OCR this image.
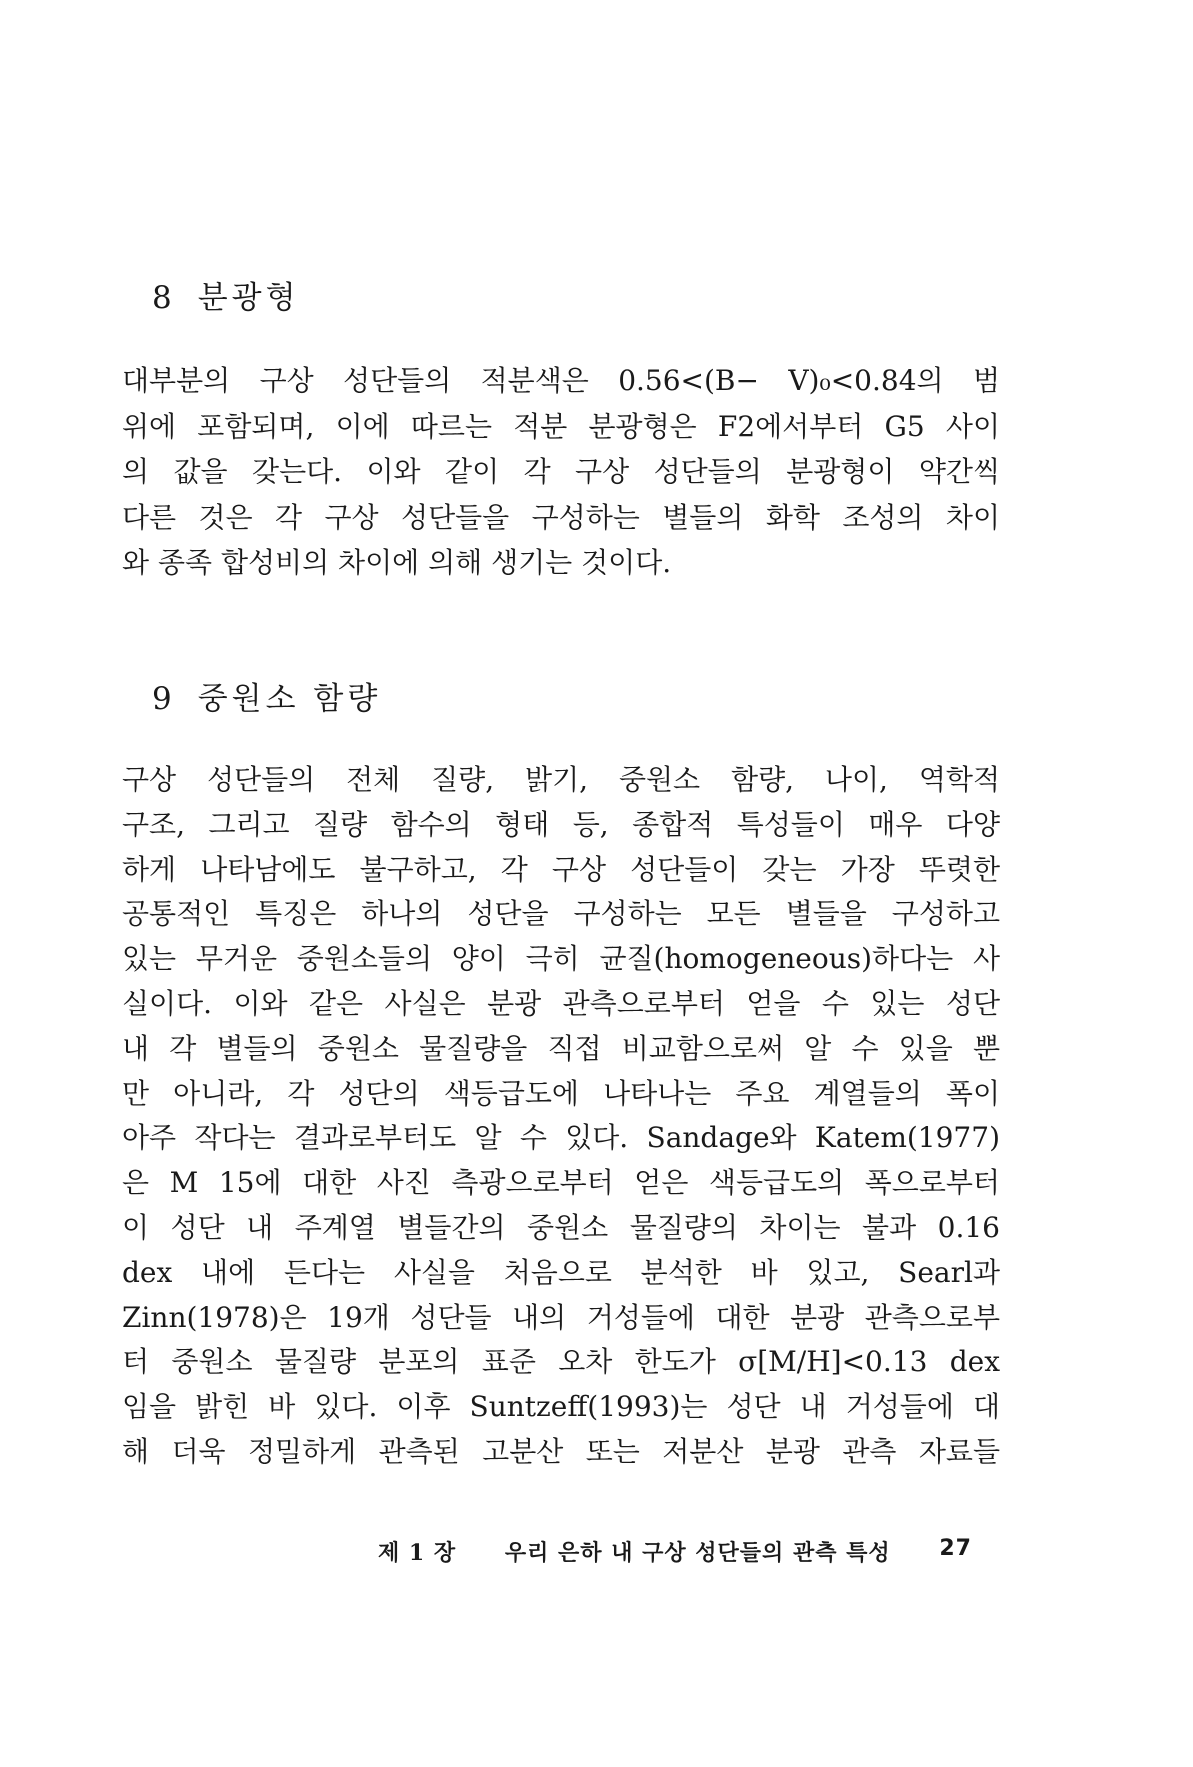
8 분광형

대부분의 구상 성단들의 적분색은 0.56<(B− V)₀<0.84의 범
위에 포함되며, 이에 따르는 적분 분광형은 F2에서부터 G5 사이
의 값을 갖는다. 이와 같이 각 구상 성단들의 분광형이 약간씩
다른 것은 각 구상 성단들을 구성하는 별들의 화학 조성의 차이
와 종족 합성비의 차이에 의해 생기는 것이다.

9 중원소 함량

구상 성단들의 전체 질량, 밝기, 중원소 함량, 나이, 역학적
구조, 그리고 질량 함수의 형태 등, 종합적 특성들이 매우 다양
하게 나타남에도 불구하고, 각 구상 성단들이 갖는 가장 뚜렷한
공통적인 특징은 하나의 성단을 구성하는 모든 별들을 구성하고
있는 무거운 중원소들의 양이 극히 균질(homogeneous)하다는 사
실이다. 이와 같은 사실은 분광 관측으로부터 얻을 수 있는 성단
내 각 별들의 중원소 물질량을 직접 비교함으로써 알 수 있을 뿐
만 아니라, 각 성단의 색등급도에 나타나는 주요 계열들의 폭이
아주 작다는 결과로부터도 알 수 있다. Sandage와 Katem(1977)
은 M 15에 대한 사진 측광으로부터 얻은 색등급도의 폭으로부터
이 성단 내 주계열 별들간의 중원소 물질량의 차이는 불과 0.16
dex 내에 든다는 사실을 처음으로 분석한 바 있고, Searl과
Zinn(1978)은 19개 성단들 내의 거성들에 대한 분광 관측으로부
터 중원소 물질량 분포의 표준 오차 한도가 σ[M/H]<0.13 dex
임을 밝힌 바 있다. 이후 Suntzeff(1993)는 성단 내 거성들에 대
해 더욱 정밀하게 관측된 고분산 또는 저분산 분광 관측 자료들

제 1 장 우리 은하 내 구상 성단들의 관측 특성 27
